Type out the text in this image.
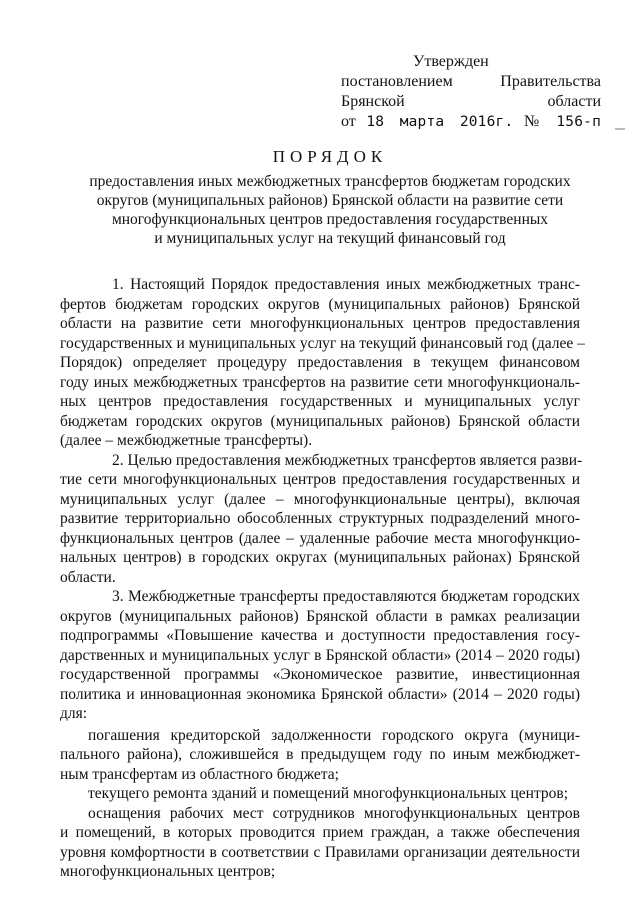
Утвержден
постановлением Правительства
Брянской области
от 18 марта 2016г. № 156-п
ПОРЯДОК
предоставления иных межбюджетных трансфертов бюджетам городских
округов (муниципальных районов) Брянской области на развитие сети
многофункциональных центров предоставления государственных
и муниципальных услуг на текущий финансовый год
1. Настоящий Порядок предоставления иных межбюджетных транс-
фертов бюджетам городских округов (муниципальных районов) Брянской
области на развитие сети многофункциональных центров предоставления
государственных и муниципальных услуг на текущий финансовый год (далее –
Порядок) определяет процедуру предоставления в текущем финансовом
году иных межбюджетных трансфертов на развитие сети многофункциональ-
ных центров предоставления государственных и муниципальных услуг
бюджетам городских округов (муниципальных районов) Брянской области
(далее – межбюджетные трансферты).
2. Целью предоставления межбюджетных трансфертов является разви-
тие сети многофункциональных центров предоставления государственных и
муниципальных услуг (далее – многофункциональные центры), включая
развитие территориально обособленных структурных подразделений много-
функциональных центров (далее – удаленные рабочие места многофункцио-
нальных центров) в городских округах (муниципальных районах) Брянской
области.
3. Межбюджетные трансферты предоставляются бюджетам городских
округов (муниципальных районов) Брянской области в рамках реализации
подпрограммы «Повышение качества и доступности предоставления госу-
дарственных и муниципальных услуг в Брянской области» (2014 – 2020 годы)
государственной программы «Экономическое развитие, инвестиционная
политика и инновационная экономика Брянской области» (2014 – 2020 годы)
для:
погашения кредиторской задолженности городского округа (муници-
пального района), сложившейся в предыдущем году по иным межбюджет-
ным трансфертам из областного бюджета;
текущего ремонта зданий и помещений многофункциональных центров;
оснащения рабочих мест сотрудников многофункциональных центров
и помещений, в которых проводится прием граждан, а также обеспечения
уровня комфортности в соответствии с Правилами организации деятельности
многофункциональных центров;
